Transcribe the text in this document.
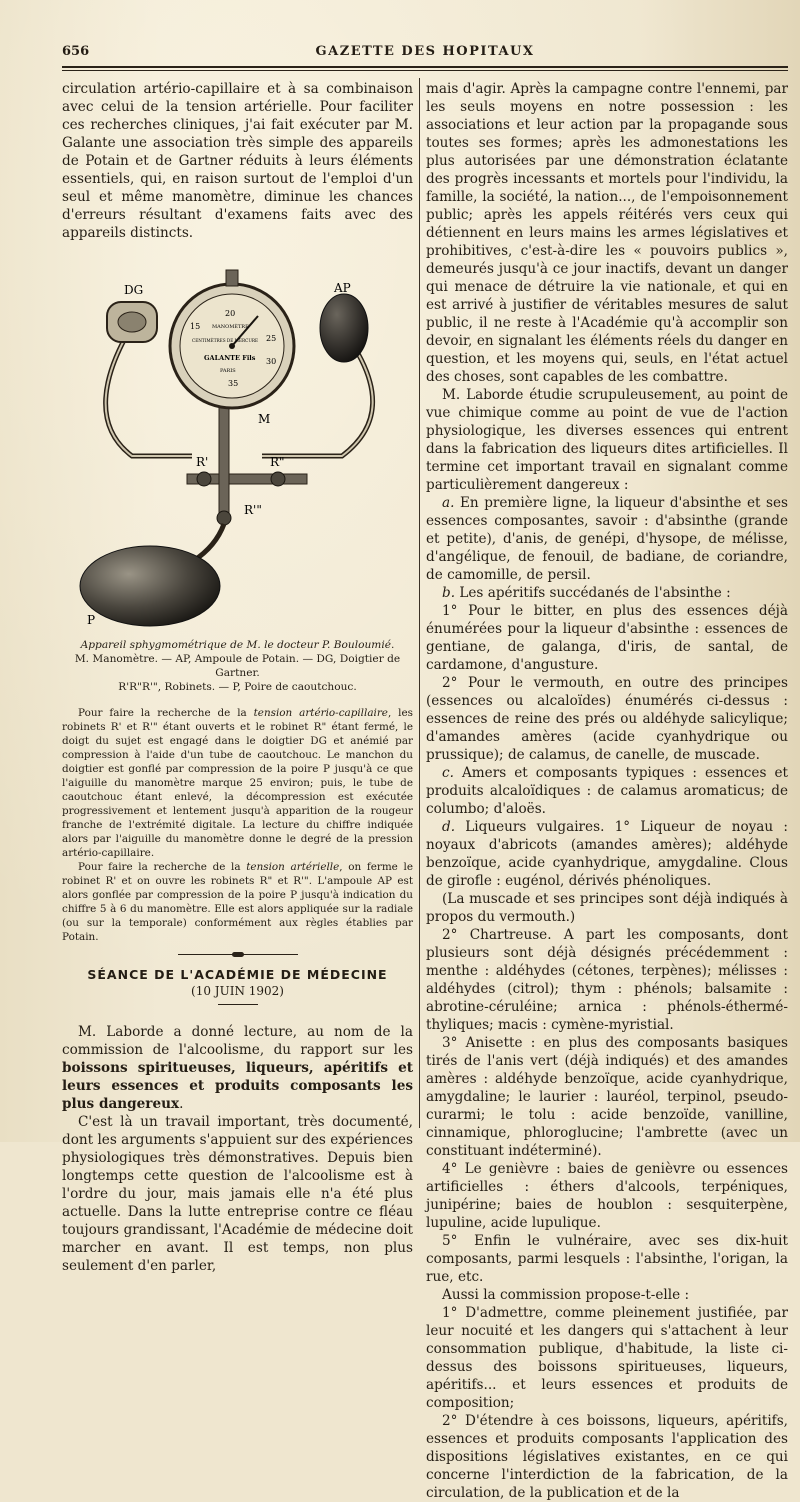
656	GAZETTE DES HOPITAUX

circulation artério-capillaire et à sa combinaison avec celui de la tension artérielle. Pour faciliter ces recherches cliniques, j'ai fait exécuter par M. Galante une association très simple des appareils de Potain et de Gartner réduits à leurs éléments essentiels, qui, en raison surtout de l'emploi d'un seul et même manomètre, diminue les chances d'erreurs résultant d'examens faits avec des appareils distincts.

15
20
25
30
35
MANOMÈTRE
CENTIMÈTRES DE MERCURE
GALANTE Fils
PARIS
DG	AP
M
R'	R"
R'"
P
Appareil sphygmométrique de M. le docteur P. Bouloumié.
M. Manomètre. — AP, Ampoule de Potain. — DG, Doigtier de Gartner.
R'R"R'", Robinets. — P, Poire de caoutchouc.

Pour faire la recherche de la tension artério-capillaire, les robinets R' et R'" étant ouverts et le robinet R" étant fermé, le doigt du sujet est engagé dans le doigtier DG et anémié par compression à l'aide d'un tube de caoutchouc. Le manchon du doigtier est gonflé par compression de la poire P jusqu'à ce que l'aiguille du manomètre marque 25 environ; puis, le tube de caoutchouc étant enlevé, la décompression est exécutée progressivement et lentement jusqu'à apparition de la rougeur franche de l'extrémité digitale. La lecture du chiffre indiquée alors par l'aiguille du manomètre donne le degré de la pression artério-capillaire.

Pour faire la recherche de la tension artérielle, on ferme le robinet R' et on ouvre les robinets R" et R'". L'ampoule AP est alors gonflée par compression de la poire P jusqu'à indication du chiffre 5 à 6 du manomètre. Elle est alors appliquée sur la radiale (ou sur la temporale) conformément aux règles établies par Potain.

SÉANCE DE L'ACADÉMIE DE MÉDECINE
(10 JUIN 1902)

M. Laborde a donné lecture, au nom de la commission de l'alcoolisme, du rapport sur les boissons spiritueuses, liqueurs, apéritifs et leurs essences et produits composants les plus dangereux.

C'est là un travail important, très documenté, dont les arguments s'appuient sur des expériences physiologiques très démonstratives. Depuis bien longtemps cette question de l'alcoolisme est à l'ordre du jour, mais jamais elle n'a été plus actuelle. Dans la lutte entreprise contre ce fléau toujours grandissant, l'Académie de médecine doit marcher en avant. Il est temps, non plus seulement d'en parler,

mais d'agir. Après la campagne contre l'ennemi, par les seuls moyens en notre possession : les associations et leur action par la propagande sous toutes ses formes; après les admonestations les plus autorisées par une démonstration éclatante des progrès incessants et mortels pour l'individu, la famille, la société, la nation..., de l'empoisonnement public; après les appels réitérés vers ceux qui détiennent en leurs mains les armes législatives et prohibitives, c'est-à-dire les « pouvoirs publics », demeurés jusqu'à ce jour inactifs, devant un danger qui menace de détruire la vie nationale, et qui en est arrivé à justifier de véritables mesures de salut public, il ne reste à l'Académie qu'à accomplir son devoir, en signalant les éléments réels du danger en question, et les moyens qui, seuls, en l'état actuel des choses, sont capables de les combattre.

M. Laborde étudie scrupuleusement, au point de vue chimique comme au point de vue de l'action physiologique, les diverses essences qui entrent dans la fabrication des liqueurs dites artificielles. Il termine cet important travail en signalant comme particulièrement dangereux :

a. En première ligne, la liqueur d'absinthe et ses essences composantes, savoir : d'absinthe (grande et petite), d'anis, de genépi, d'hysope, de mélisse, d'angélique, de fenouil, de badiane, de coriandre, de camomille, de persil.

b. Les apéritifs succédanés de l'absinthe :

1° Pour le bitter, en plus des essences déjà énumérées pour la liqueur d'absinthe : essences de gentiane, de galanga, d'iris, de santal, de cardamone, d'angusture.

2° Pour le vermouth, en outre des principes (essences ou alcaloïdes) énumérés ci-dessus : essences de reine des prés ou aldéhyde salicylique; d'amandes amères (acide cyanhydrique ou prussique); de calamus, de canelle, de muscade.

c. Amers et composants typiques : essences et produits alcaloïdiques : de calamus aromaticus; de columbo; d'aloës.

d. Liqueurs vulgaires. 1° Liqueur de noyau : noyaux d'abricots (amandes amères); aldéhyde benzoïque, acide cyanhydrique, amygdaline. Clous de girofle : eugénol, dérivés phénoliques.

(La muscade et ses principes sont déjà indiqués à propos du vermouth.)

2° Chartreuse. A part les composants, dont plusieurs sont déjà désignés précédemment : menthe : aldéhydes (cétones, terpènes); mélisses : aldéhydes (citrol); thym : phénols; balsamite : abrotine-céruléine; arnica : phénols-éthermé-thyliques; macis : cymène-myristial.

3° Anisette : en plus des composants basiques tirés de l'anis vert (déjà indiqués) et des amandes amères : aldéhyde benzoïque, acide cyanhydrique, amygdaline; le laurier : lauréol, terpinol, pseudo-curarmi; le tolu : acide benzoïde, vanilline, cinnamique, phloroglucine; l'ambrette (avec un constituant indéterminé).

4° Le genièvre : baies de genièvre ou essences artificielles : éthers d'alcools, terpéniques, junipérine; baies de houblon : sesquiterpène, lupuline, acide lupulique.

5° Enfin le vulnéraire, avec ses dix-huit composants, parmi lesquels : l'absinthe, l'origan, la rue, etc.

Aussi la commission propose-t-elle :

1° D'admettre, comme pleinement justifiée, par leur nocuité et les dangers qui s'attachent à leur consommation publique, d'habitude, la liste ci-dessus des boissons spiritueuses, liqueurs, apéritifs... et leurs essences et produits de composition;

2° D'étendre à ces boissons, liqueurs, apéritifs, essences et produits composants l'application des dispositions législatives existantes, en ce qui concerne l'interdiction de la fabrication, de la circulation, de la publication et de la
